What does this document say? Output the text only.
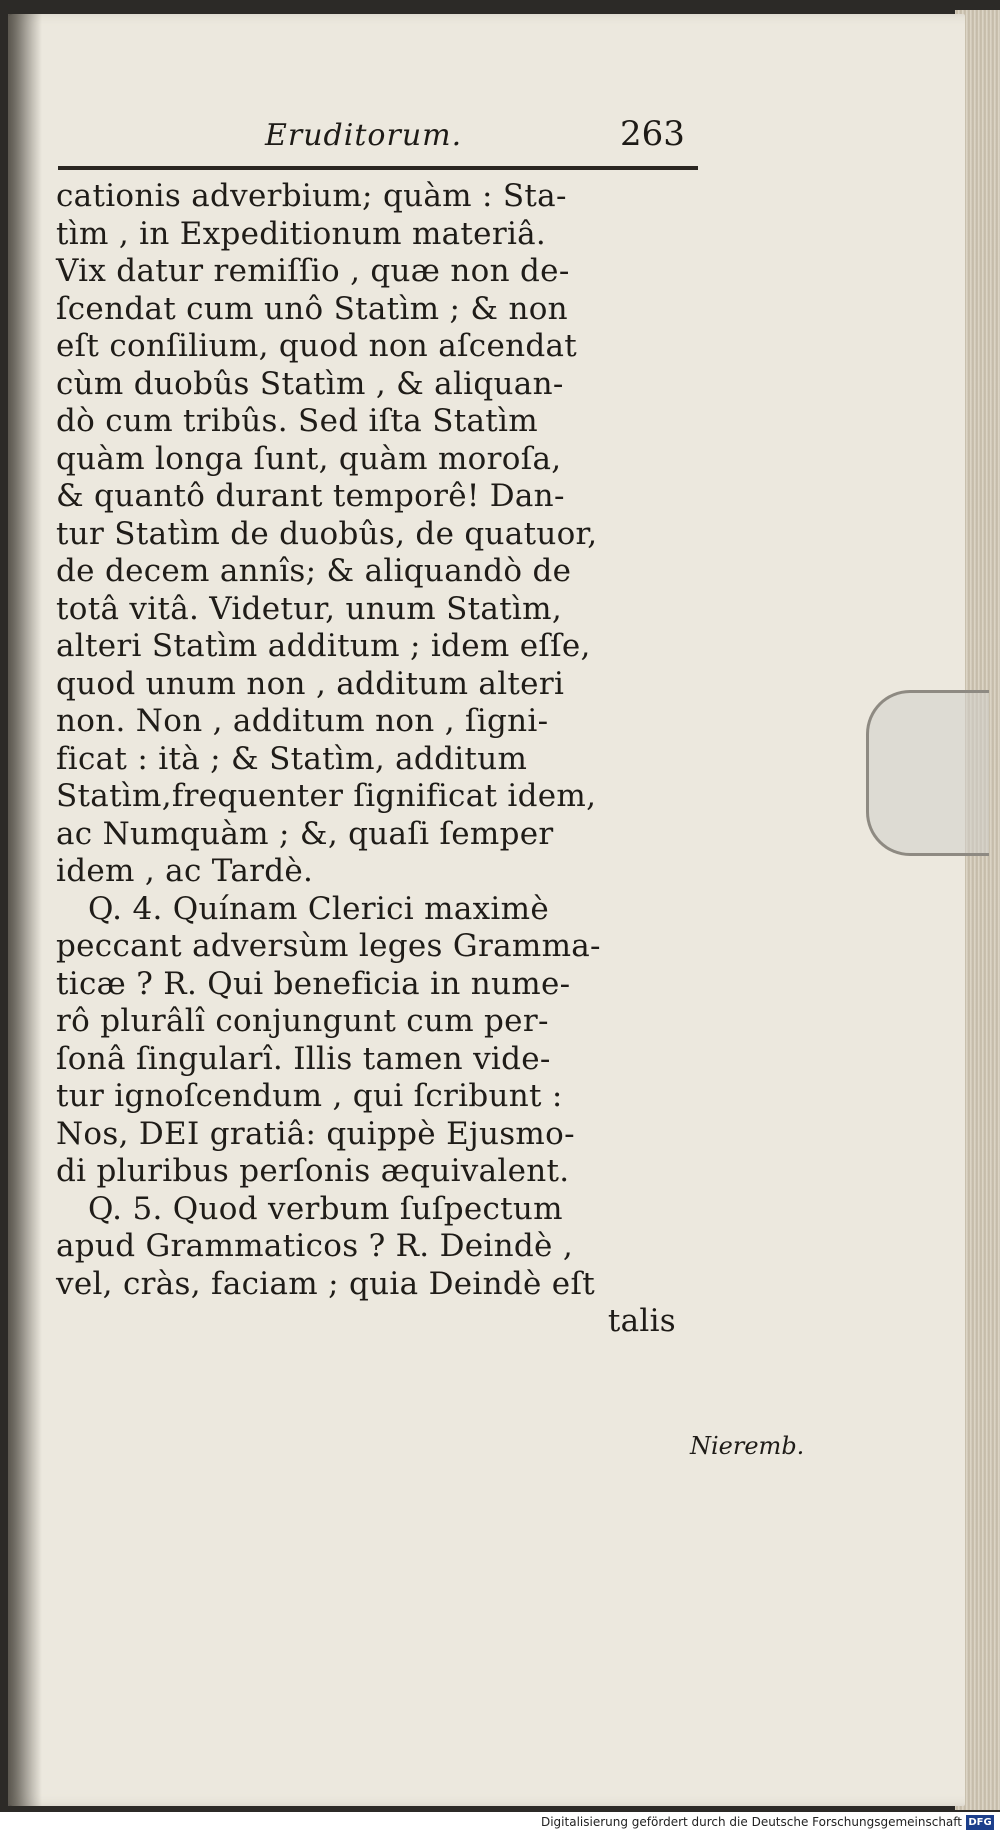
Eruditorum.	263
cationis adverbium; quàm : Sta-
tìm , in Expeditionum materiâ.
Vix datur remiſſio , quæ non de-
ſcendat cum unô Statìm ; & non
eſt conſilium, quod non aſcendat
cùm duobûs Statìm , & aliquan-
dò cum tribûs. Sed iſta Statìm
quàm longa ſunt, quàm moroſa,
& quantô durant temporê! Dan-
tur Statìm de duobûs, de quatuor,
de decem annîs; & aliquandò de
totâ vitâ. Videtur, unum Statìm,
alteri Statìm additum ; idem eſſe,
quod unum non , additum alteri
non. Non , additum non , ſigni-
ficat : ità ; & Statìm, additum
Statìm,frequenter ſignificat idem,
ac Numquàm ; &, quaſi ſemper
idem , ac Tardè.
Q. 4. Quínam Clerici maximè
peccant adversùm leges Gramma-
ticæ ? R. Qui beneficia in nume-
rô plurâlî conjungunt cum per-
ſonâ ſingularî. Illis tamen vide-
tur ignoſcendum , qui ſcribunt :
Nos, DEI gratiâ: quippè Ejusmo-
di pluribus perſonis æquivalent.
Q. 5. Quod verbum ſuſpectum
apud Grammaticos ? R. Deindè ,
vel, cràs, faciam ; quia Deindè eſt
talis
Nieremb.
Digitalisierung gefördert durch die Deutsche Forschungsgemeinschaft DFG
